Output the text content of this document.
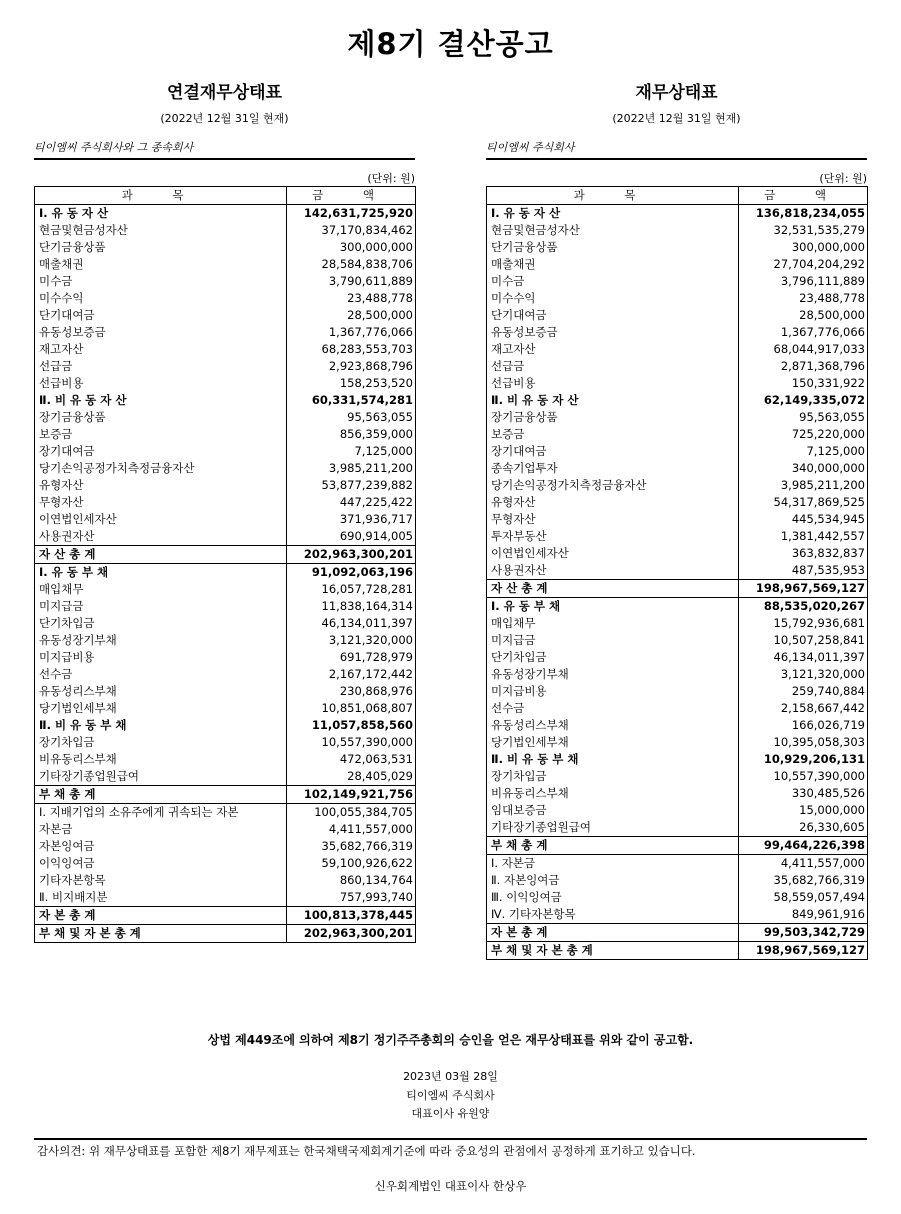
제8기 결산공고
연결재무상태표
(2022년 12월 31일 현재)
티이엠씨 주식회사와 그 종속회사
(단위: 원)
과 목	금 액
Ⅰ. 유 동 자 산	142,631,725,920
현금및현금성자산	37,170,834,462
단기금융상품	300,000,000
매출채권	28,584,838,706
미수금	3,790,611,889
미수수익	23,488,778
단기대여금	28,500,000
유동성보증금	1,367,776,066
재고자산	68,283,553,703
선급금	2,923,868,796
선급비용	158,253,520
Ⅱ. 비 유 동 자 산	60,331,574,281
장기금융상품	95,563,055
보증금	856,359,000
장기대여금	7,125,000
당기손익공정가치측정금융자산	3,985,211,200
유형자산	53,877,239,882
무형자산	447,225,422
이연법인세자산	371,936,717
사용권자산	690,914,005
자 산 총 계	202,963,300,201
Ⅰ. 유 동 부 채	91,092,063,196
매입채무	16,057,728,281
미지급금	11,838,164,314
단기차입금	46,134,011,397
유동성장기부채	3,121,320,000
미지급비용	691,728,979
선수금	2,167,172,442
유동성리스부채	230,868,976
당기법인세부채	10,851,068,807
Ⅱ. 비 유 동 부 채	11,057,858,560
장기차입금	10,557,390,000
비유동리스부채	472,063,531
기타장기종업원급여	28,405,029
부 채 총 계	102,149,921,756
Ⅰ. 지배기업의 소유주에게 귀속되는 자본	100,055,384,705
자본금	4,411,557,000
자본잉여금	35,682,766,319
이익잉여금	59,100,926,622
기타자본항목	860,134,764
Ⅱ. 비지배지분	757,993,740
자 본 총 계	100,813,378,445
부 채 및 자 본 총 계	202,963,300,201
재무상태표
(2022년 12월 31일 현재)
티이엠씨 주식회사
(단위: 원)
과 목	금 액
Ⅰ. 유 동 자 산	136,818,234,055
현금및현금성자산	32,531,535,279
단기금융상품	300,000,000
매출채권	27,704,204,292
미수금	3,796,111,889
미수수익	23,488,778
단기대여금	28,500,000
유동성보증금	1,367,776,066
재고자산	68,044,917,033
선급금	2,871,368,796
선급비용	150,331,922
Ⅱ. 비 유 동 자 산	62,149,335,072
장기금융상품	95,563,055
보증금	725,220,000
장기대여금	7,125,000
종속기업투자	340,000,000
당기손익공정가치측정금융자산	3,985,211,200
유형자산	54,317,869,525
무형자산	445,534,945
투자부동산	1,381,442,557
이연법인세자산	363,832,837
사용권자산	487,535,953
자 산 총 계	198,967,569,127
Ⅰ. 유 동 부 채	88,535,020,267
매입채무	15,792,936,681
미지급금	10,507,258,841
단기차입금	46,134,011,397
유동성장기부채	3,121,320,000
미지급비용	259,740,884
선수금	2,158,667,442
유동성리스부채	166,026,719
당기법인세부채	10,395,058,303
Ⅱ. 비 유 동 부 채	10,929,206,131
장기차입금	10,557,390,000
비유동리스부채	330,485,526
임대보증금	15,000,000
기타장기종업원급여	26,330,605
부 채 총 계	99,464,226,398
Ⅰ. 자본금	4,411,557,000
Ⅱ. 자본잉여금	35,682,766,319
Ⅲ. 이익잉여금	58,559,057,494
Ⅳ. 기타자본항목	849,961,916
자 본 총 계	99,503,342,729
부 채 및 자 본 총 계	198,967,569,127
상법 제449조에 의하여 제8기 정기주주총회의 승인을 얻은 재무상태표를 위와 같이 공고함.
2023년 03월 28일
티이엠씨 주식회사
대표이사 유원양
감사의견: 위 재무상태표를 포함한 제8기 재무제표는 한국채택국제회계기준에 따라 중요성의 관점에서 공정하게 표기하고 있습니다.
신우회계법인 대표이사 한상우
